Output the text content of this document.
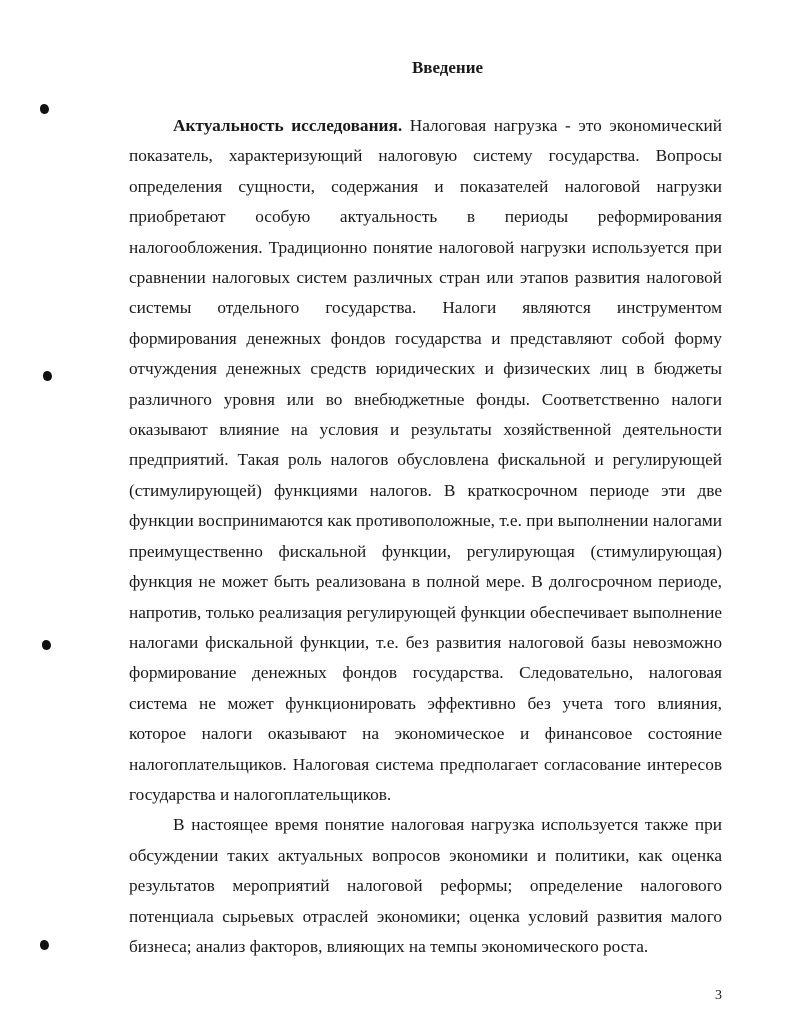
Введение

Актуальность исследования. Налоговая нагрузка - это экономический показатель, характеризующий налоговую систему государства. Вопросы определения сущности, содержания и показателей налоговой нагрузки приобретают особую актуальность в периоды реформирования налогообложения. Традиционно понятие налоговой нагрузки используется при сравнении налоговых систем различных стран или этапов развития налоговой системы отдельного государства. Налоги являются инструментом формирования денежных фондов государства и представляют собой форму отчуждения денежных средств юридических и физических лиц в бюджеты различного уровня или во внебюджетные фонды. Соответственно налоги оказывают влияние на условия и результаты хозяйственной деятельности предприятий. Такая роль налогов обусловлена фискальной и регулирующей (стимулирующей) функциями налогов. В краткосрочном периоде эти две функции воспринимаются как противоположные, т.е. при выполнении налогами преимущественно фискальной функции, регулирующая (стимулирующая) функция не может быть реализована в полной мере. В долгосрочном периоде, напротив, только реализация регулирующей функции обеспечивает выполнение налогами фискальной функции, т.е. без развития налоговой базы невозможно формирование денежных фондов государства. Следовательно, налоговая система не может функционировать эффективно без учета того влияния, которое налоги оказывают на экономическое и финансовое состояние налогоплательщиков. Налоговая система предполагает согласование интересов государства и налогоплательщиков.

В настоящее время понятие налоговая нагрузка используется также при обсуждении таких актуальных вопросов экономики и политики, как оценка результатов мероприятий налоговой реформы; определение налогового потенциала сырьевых отраслей экономики; оценка условий развития малого бизнеса; анализ факторов, влияющих на темпы экономического роста.

3
